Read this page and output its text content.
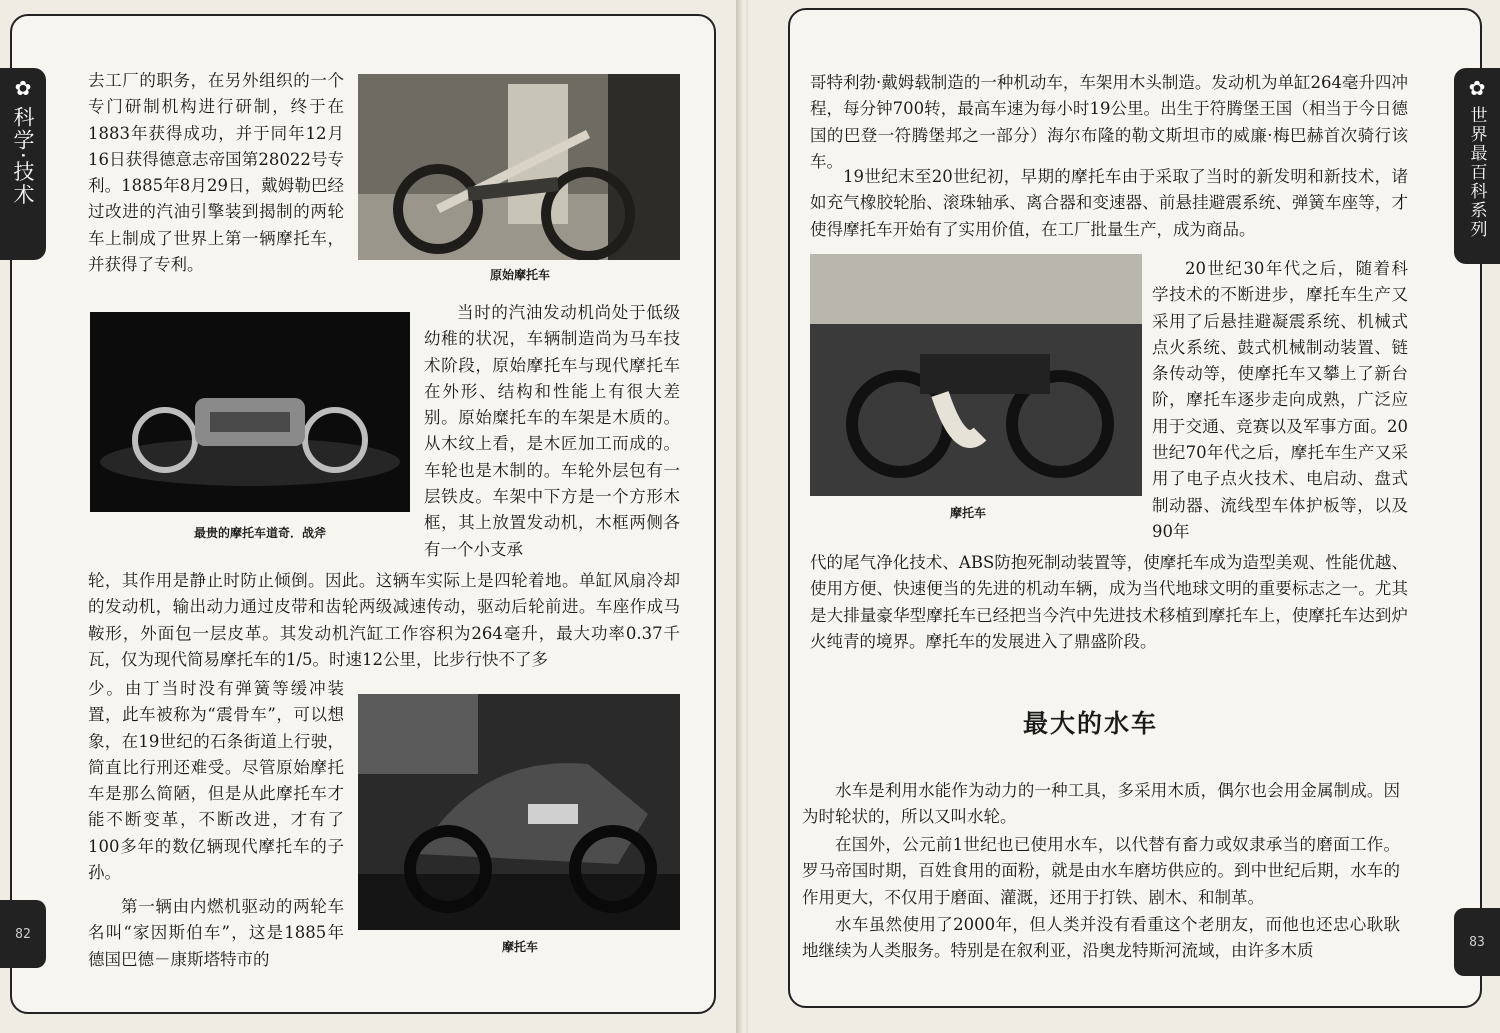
✿
科学·技术
82

去工厂的职务，在另外组织的一个专门研制机构进行研制，终于在1883年获得成功，并于同年12月16日获得德意志帝国第28022号专利。1885年8月29日，戴姆勒巴经过改进的汽油引擎装到揭制的两轮车上制成了世界上第一辆摩托车，并获得了专利。

原始摩托车
最贵的摩托车道奇．战斧

当时的汽油发动机尚处于低级幼稚的状况，车辆制造尚为马车技术阶段，原始摩托车与现代摩托车在外形、结构和性能上有很大差别。原始糜托车的车架是木质的。从木纹上看，是木匠加工而成的。车轮也是木制的。车轮外层包有一层铁皮。车架中下方是一个方形木框，其上放置发动机，木框两侧各有一个小支承

轮，其作用是静止时防止倾倒。因此。这辆车实际上是四轮着地。单缸风扇冷却的发动机，输出动力通过皮带和齿轮两级减速传动，驱动后轮前进。车座作成马鞍形，外面包一层皮革。其发动机汽缸工作容积为264毫升，最大功率0.37千瓦，仅为现代简易摩托车的1/5。时速12公里，比步行快不了多

少。由丁当时没有弹簧等缓冲装置，此车被称为“震骨车”，可以想象，在19世纪的石条街道上行驶，简直比行刑还难受。尽管原始摩托车是那么简陋，但是从此摩托车才能不断变革，不断改进，才有了100多年的数亿辆现代摩托车的子孙。

第一辆由内燃机驱动的两轮车名叫“家因斯伯车”，这是1885年德国巴德－康斯塔特市的

摩托车
✿
世界最百科系列
83

哥特利勃·戴姆载制造的一种机动车，车架用木头制造。发动机为单缸264毫升四冲程，每分钟700转，最高车速为每小时19公里。出生于符腾堡王国（相当于今日德国的巴登一符腾堡邦之一部分）海尔布隆的勒文斯坦市的威廉·梅巴赫首次骑行该车。

19世纪末至20世纪初，早期的摩托车由于采取了当时的新发明和新技术，诸如充气橡胶轮胎、滚珠轴承、离合器和变速器、前悬挂避震系统、弹簧车座等，才使得摩托车开始有了实用价值，在工厂批量生产，成为商品。

摩托车

20世纪30年代之后，随着科学技术的不断进步，摩托车生产又采用了后悬挂避凝震系统、机械式点火系统、鼓式机械制动装置、链条传动等，使摩托车又攀上了新台阶，摩托车逐步走向成熟，广泛应用于交通、竞赛以及军事方面。20世纪70年代之后，摩托车生产又采用了电子点火技术、电启动、盘式制动器、流线型车体护板等，以及90年

代的尾气净化技术、ABS防抱死制动装置等，使摩托车成为造型美观、性能优越、使用方便、快速便当的先进的机动车辆，成为当代地球文明的重要标志之一。尤其是大排量豪华型摩托车已经把当今汽中先进技术移植到摩托车上，使摩托车达到炉火纯青的境界。摩托车的发展进入了鼎盛阶段。

最大的水车

水车是利用水能作为动力的一种工具，多采用木质，偶尔也会用金属制成。因为时轮状的，所以又叫水轮。

在国外，公元前1世纪也已使用水车，以代替有畜力或奴隶承当的磨面工作。罗马帝国时期，百姓食用的面粉，就是由水车磨坊供应的。到中世纪后期，水车的作用更大，不仅用于磨面、灌溉，还用于打铁、剧木、和制革。

水车虽然使用了2000年，但人类并没有看重这个老朋友，而他也还忠心耿耿地继续为人类服务。特别是在叙利亚，沿奥龙特斯河流域，由许多木质
